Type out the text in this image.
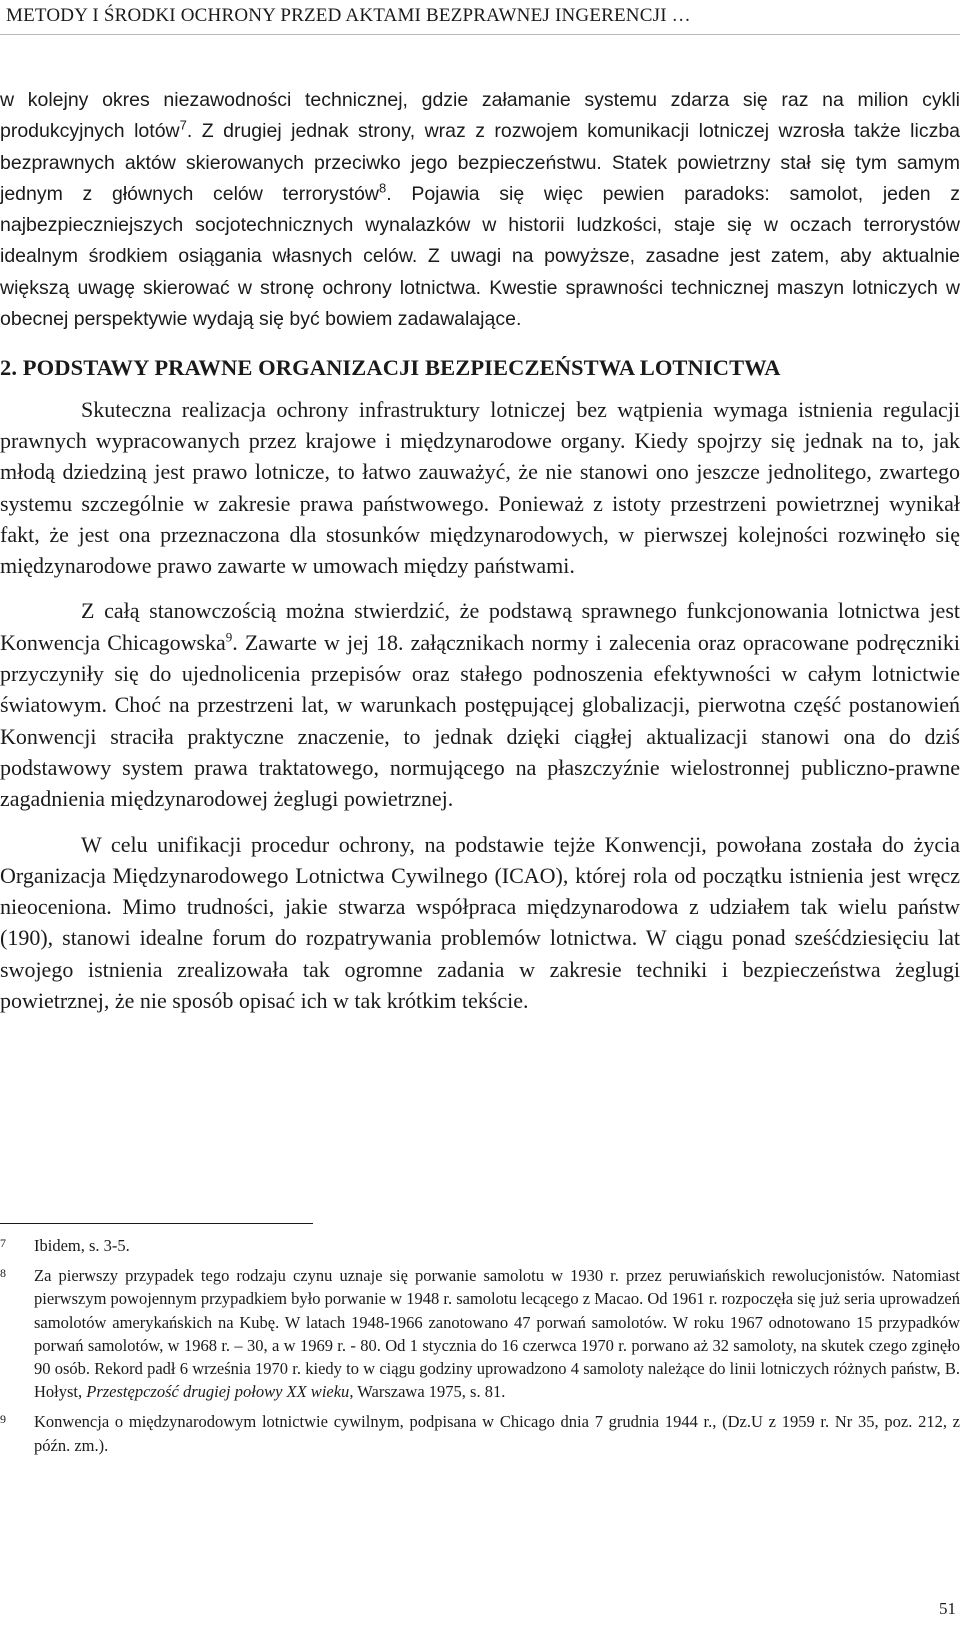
METODY I ŚRODKI OCHRONY PRZED AKTAMI BEZPRAWNEJ INGERENCJI …

w kolejny okres niezawodności technicznej, gdzie załamanie systemu zdarza się raz na milion cykli produkcyjnych lotów$^7$. Z drugiej jednak strony, wraz z rozwojem komunikacji lotniczej wzrosła także liczba bezprawnych aktów skierowanych przeciwko jego bezpieczeństwu. Statek powietrzny stał się tym samym jednym z głównych celów terrorystów$^8$. Pojawia się więc pewien paradoks: samolot, jeden z najbezpieczniejszych socjotechnicznych wynalazków w historii ludzkości, staje się w oczach terrorystów idealnym środkiem osiągania własnych celów. Z uwagi na powyższe, zasadne jest zatem, aby aktualnie większą uwagę skierować w stronę ochrony lotnictwa. Kwestie sprawności technicznej maszyn lotniczych w obecnej perspektywie wydają się być bowiem zadawalające.

2. PODSTAWY PRAWNE ORGANIZACJI BEZPIECZEŃSTWA LOTNICTWA

Skuteczna realizacja ochrony infrastruktury lotniczej bez wątpienia wymaga istnienia regulacji prawnych wypracowanych przez krajowe i międzynarodowe organy. Kiedy spojrzy się jednak na to, jak młodą dziedziną jest prawo lotnicze, to łatwo zauważyć, że nie stanowi ono jeszcze jednolitego, zwartego systemu szczególnie w zakresie prawa państwowego. Ponieważ z istoty przestrzeni powietrznej wynikał fakt, że jest ona przeznaczona dla stosunków międzynarodowych, w pierwszej kolejności rozwinęło się międzynarodowe prawo zawarte w umowach między państwami.

Z całą stanowczością można stwierdzić, że podstawą sprawnego funkcjonowania lotnictwa jest Konwencja Chicagowska$^9$. Zawarte w jej 18. załącznikach normy i zalecenia oraz opracowane podręczniki przyczyniły się do ujednolicenia przepisów oraz stałego podnoszenia efektywności w całym lotnictwie światowym. Choć na przestrzeni lat, w warunkach postępującej globalizacji, pierwotna część postanowień Konwencji straciła praktyczne znaczenie, to jednak dzięki ciągłej aktualizacji stanowi ona do dziś podstawowy system prawa traktatowego, normującego na płaszczyźnie wielostronnej publiczno-prawne zagadnienia międzynarodowej żeglugi powietrznej.

W celu unifikacji procedur ochrony, na podstawie tejże Konwencji, powołana została do życia Organizacja Międzynarodowego Lotnictwa Cywilnego (ICAO), której rola od początku istnienia jest wręcz nieoceniona. Mimo trudności, jakie stwarza współpraca międzynarodowa z udziałem tak wielu państw (190), stanowi idealne forum do rozpatrywania problemów lotnictwa. W ciągu ponad sześćdziesięciu lat swojego istnienia zrealizowała tak ogromne zadania w zakresie techniki i bezpieczeństwa żeglugi powietrznej, że nie sposób opisać ich w tak krótkim tekście.

7	Ibidem, s. 3-5.
8	Za pierwszy przypadek tego rodzaju czynu uznaje się porwanie samolotu w 1930 r. przez peruwiańskich rewolucjonistów. Natomiast pierwszym powojennym przypadkiem było porwanie w 1948 r. samolotu lecącego z Macao. Od 1961 r. rozpoczęła się już seria uprowadzeń samolotów amerykańskich na Kubę. W latach 1948-1966 zanotowano 47 porwań samolotów. W roku 1967 odnotowano 15 przypadków porwań samolotów, w 1968 r. – 30, a w 1969 r. - 80. Od 1 stycznia do 16 czerwca 1970 r. porwano aż 32 samoloty, na skutek czego zginęło 90 osób. Rekord padł 6 września 1970 r. kiedy to w ciągu godziny uprowadzono 4 samoloty należące do linii lotniczych różnych państw, B. Hołyst, Przestępczość drugiej połowy XX wieku, Warszawa 1975, s. 81.
9	Konwencja o międzynarodowym lotnictwie cywilnym, podpisana w Chicago dnia 7 grudnia 1944 r., (Dz.U z 1959 r. Nr 35, poz. 212, z późn. zm.).
51
